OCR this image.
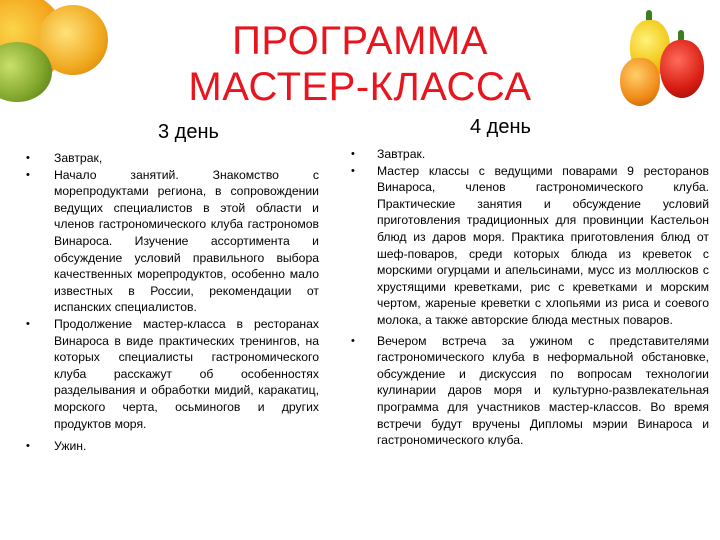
ПРОГРАММА
МАСТЕР-КЛАССА
3 день	4 день
• Завтрак,
• Начало занятий. Знакомство с морепродуктами региона, в сопровождении ведущих специалистов в этой области и членов гастрономического клуба гастрономов Винароса. Изучение ассортимента и обсуждение условий правильного выбора качественных морепродуктов, особенно мало известных в России, рекомендации от испанских специалистов.
• Продолжение мастер-класса в ресторанах Винароса в виде практических тренингов, на которых специалисты гастрономического клуба расскажут об особенностях разделывания и обработки мидий, каракатиц, морского черта, осьминогов и других продуктов моря.
• Ужин.
• Завтрак.
• Мастер классы с ведущими поварами 9 ресторанов Винароса, членов гастрономического клуба. Практические занятия и обсуждение условий приготовления традиционных для провинции Кастельон блюд из даров моря. Практика приготовления блюд от шеф-поваров, среди которых блюда из креветок с морскими огурцами и апельсинами, мусс из моллюсков с хрустящими креветками, рис с креветками и морским чертом, жареные креветки с хлопьями из риса и соевого молока, а также авторские блюда местных поваров.
• Вечером встреча за ужином с представителями гастрономического клуба в неформальной обстановке, обсуждение и дискуссия по вопросам технологии кулинарии даров моря и культурно-развлекательная программа для участников мастер-классов. Во время встречи будут вручены Дипломы мэрии Винароса и гастрономического клуба.
